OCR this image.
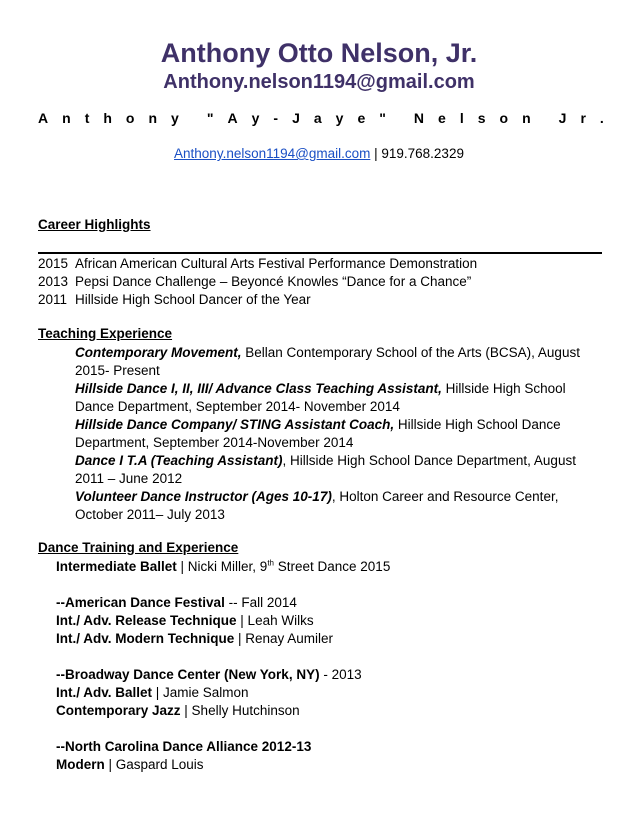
Anthony Otto Nelson, Jr.
Anthony.nelson1194@gmail.com
A n t h o n y " A y - J a y e " N e l s o n J r .
Anthony.nelson1194@gmail.com | 919.768.2329
Career Highlights
2015 African American Cultural Arts Festival Performance Demonstration
2013 Pepsi Dance Challenge – Beyoncé Knowles “Dance for a Chance”
2011 Hillside High School Dancer of the Year
Teaching Experience

Contemporary Movement, Bellan Contemporary School of the Arts (BCSA), August 2015- Present

Hillside Dance I, II, III/ Advance Class Teaching Assistant, Hillside High School Dance Department, September 2014- November 2014

Hillside Dance Company/ STING Assistant Coach, Hillside High School Dance Department, September 2014-November 2014

Dance I T.A (Teaching Assistant), Hillside High School Dance Department, August 2011 – June 2012

Volunteer Dance Instructor (Ages 10-17), Holton Career and Resource Center, October 2011– July 2013

Dance Training and Experience

Intermediate Ballet | Nicki Miller, 9th Street Dance 2015

--American Dance Festival -- Fall 2014

Int./ Adv. Release Technique | Leah Wilks

Int./ Adv. Modern Technique | Renay Aumiler

--Broadway Dance Center (New York, NY) - 2013

Int./ Adv. Ballet | Jamie Salmon

Contemporary Jazz | Shelly Hutchinson

--North Carolina Dance Alliance 2012-13

Modern | Gaspard Louis
